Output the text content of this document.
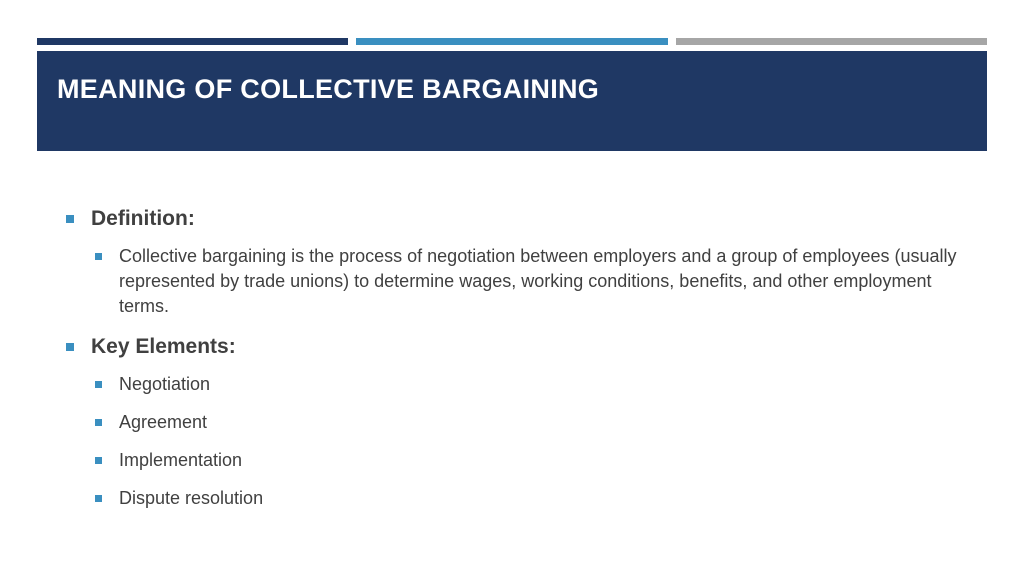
MEANING OF COLLECTIVE BARGAINING
Definition:
Collective bargaining is the process of negotiation between employers and a group of employees (usually represented by trade unions) to determine wages, working conditions, benefits, and other employment terms.
Key Elements:
Negotiation
Agreement
Implementation
Dispute resolution
